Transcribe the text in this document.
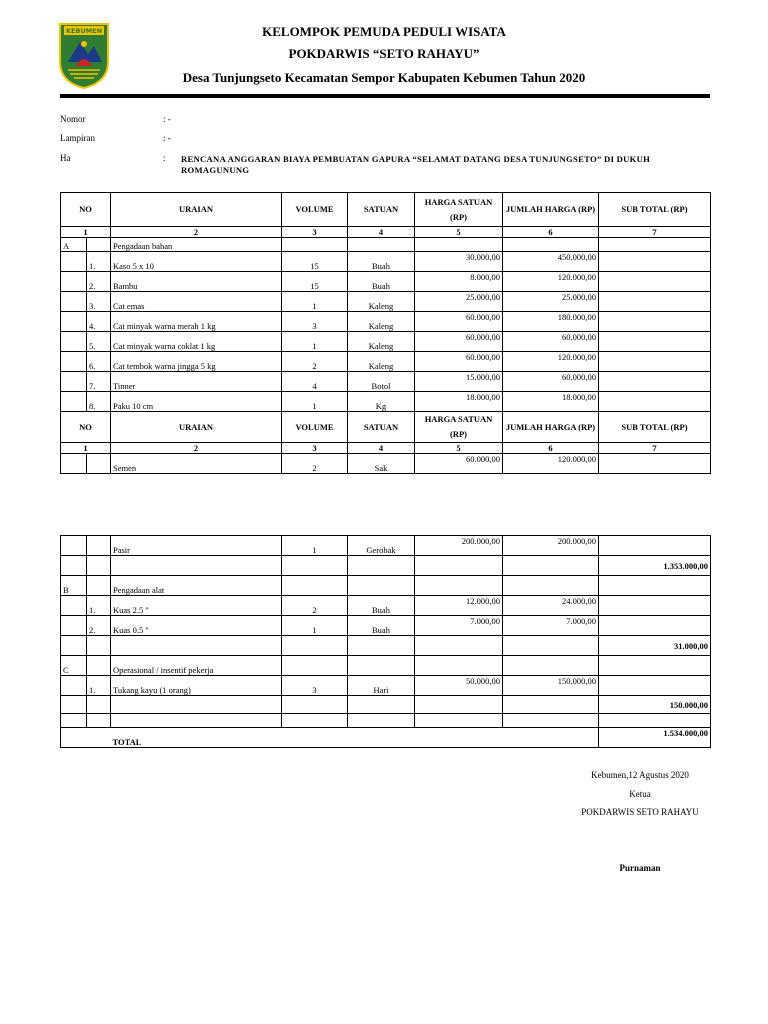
KEBUMEN	KELOMPOK PEMUDA PEDULI WISATA
POKDARWIS “SETO RAHAYU”
Desa Tunjungseto Kecamatan Sempor Kabupaten Kebumen Tahun 2020
Nomor	: -
Lampiran	: -
Ha	: RENCANA ANGGARAN BIAYA PEMBUATAN GAPURA “SELAMAT DATANG DESA TUNJUNGSETO” DI DUKUH ROMAGUNUNG
NO		URAIAN	VOLUME	SATUAN	HARGA SATUAN (RP)	JUMLAH HARGA (RP)	SUB TOTAL (RP)
1		2	3	4	5	6	7
A		Pengadaan bahan					
	1.	Kaso 5 x 10	15	Buah	30.000,00	450.000,00	
	2.	Bambu	15	Buah	8.000,00	120.000,00	
	3.	Cat emas	1	Kaleng	25.000,00	25.000,00	
	4.	Cat minyak warna merah 1 kg	3	Kaleng	60.000,00	180.000,00	
	5.	Cat minyak warna coklat 1 kg	1	Kaleng	60.000,00	60.000,00	
	6.	Cat tembok warna jingga 5 kg	2	Kaleng	60.000,00	120.000,00	
	7.	Tinner	4	Botol	15.000,00	60.000,00	
	8.	Paku 10 cm	1	Kg	18.000,00	18.000,00	
NO		URAIAN	VOLUME	SATUAN	HARGA SATUAN (RP)	JUMLAH HARGA (RP)	SUB TOTAL (RP)
1		2	3	4	5	6	7
		Semen	2	Sak	60.000,00	120.000,00	
		Pasir	1	Gerobak	200.000,00	200.000,00	
							1.353.000,00
B		Pengadaan alat					
	1.	Kuas 2.5 "	2	Buah	12.000,00	24.000,00	
	2.	Kuas 0.5 "	1	Buah	7.000,00	7.000,00	
							31.000,00
C		Operasional / insentif pekerja					
	1.	Tukang kayu (1 orang)	3	Hari	50.000,00	150.000,00	
							150.000,00

		TOTAL					1.534.000,00
Kebumen,12 Agustus 2020
Ketua
POKDARWIS SETO RAHAYU
Purnaman
